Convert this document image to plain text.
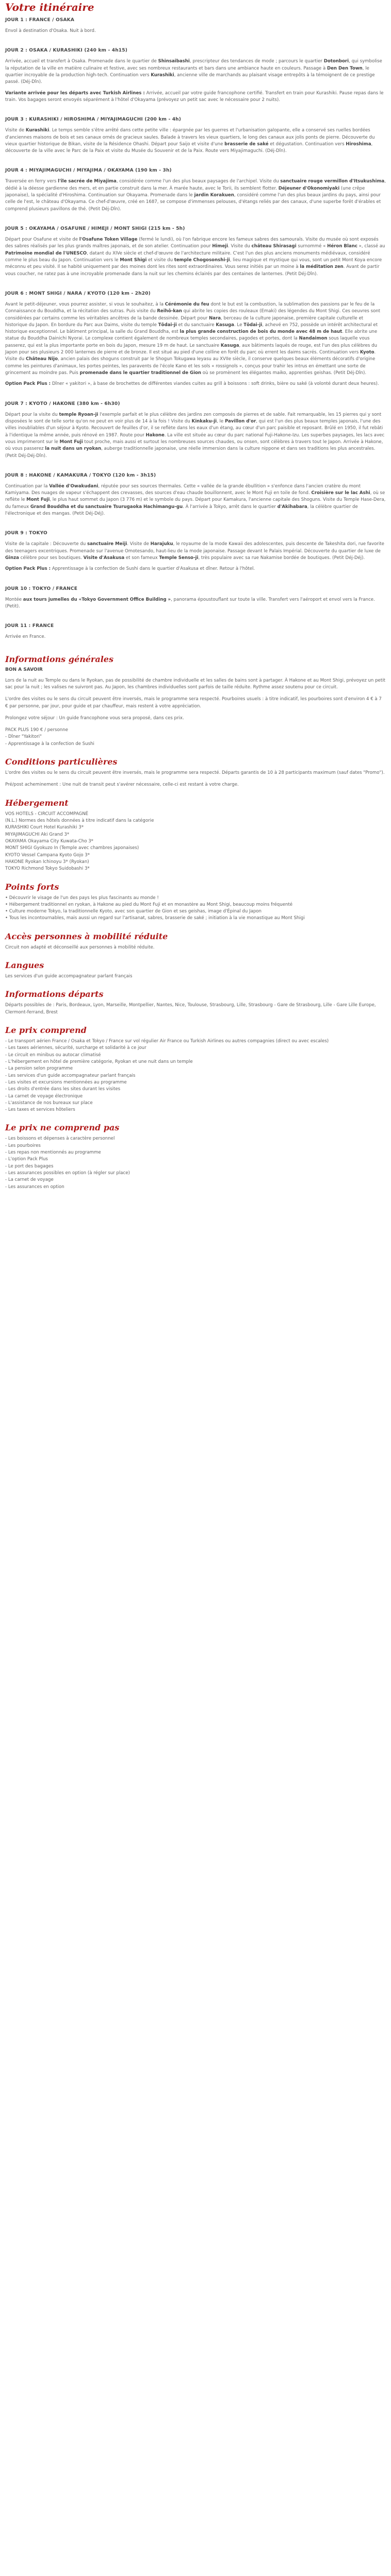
Votre itinéraire
JOUR 1 : FRANCE / OSAKA

Envol à destination d'Osaka. Nuit à bord.

JOUR 2 : OSAKA / KURASHIKI (240 km - 4h15)

Arrivée, accueil et transfert à Osaka. Promenade dans le quartier de Shinsaibashi, prescripteur des tendances de mode ; parcours le quartier Dotonbori, qui symbolise la réputation de la ville en matière culinaire et festive, avec ses nombreux restaurants et bars dans une ambiance haute en couleurs. Passage à Den Den Town, le quartier incroyable de la production high-tech. Continuation vers Kurashiki, ancienne ville de marchands au plaisant visage entrepôts à la témoignent de ce prestige passé. (Déj-Dîn).

Variante arrivée pour les départs avec Turkish Airlines : Arrivée, accueil par votre guide francophone certifié. Transfert en train pour Kurashiki. Pause repas dans le train. Vos bagages seront envoyés séparément à l'hôtel d'Okayama (prévoyez un petit sac avec le nécessaire pour 2 nuits).

JOUR 3 : KURASHIKI / HIROSHIMA / MIYAJIMAGUCHI (200 km - 4h)

Visite de Kurashiki. Le temps semble s'être arrêté dans cette petite ville : épargnée par les guerres et l'urbanisation galopante, elle a conservé ses ruelles bordées d'anciennes maisons de bois et ses canaux ornés de gracieux saules. Balade à travers les vieux quartiers, le long des canaux aux jolis ponts de pierre. Découverte du vieux quartier historique de Bikan, visite de la Résidence Ohashi. Départ pour Saijo et visite d'une brasserie de saké et dégustation. Continuation vers Hiroshima, découverte de la ville avec le Parc de la Paix et visite du Musée du Souvenir et de la Paix. Route vers Miyajimaguchi. (Déj-Dîn).

JOUR 4 : MIYAJIMAGUCHI / MIYAJIMA / OKAYAMA (190 km - 3h)

Traversée en ferry vers l'île sacrée de Miyajima, considérée comme l'un des plus beaux paysages de l'archipel. Visite du sanctuaire rouge vermillon d'Itsukushima, dédié à la déesse gardienne des mers, et en partie construit dans la mer. À marée haute, avec le Torii, ils semblent flotter. Déjeuner d'Okonomiyaki (une crêpe japonaise), la spécialité d'Hiroshima. Continuation sur Okayama. Promenade dans le jardin Korakuen, considéré comme l'un des plus beaux jardins du pays, ainsi pour celle de l'est, le château d'Okayama. Ce chef-d'œuvre, créé en 1687, se compose d'immenses pelouses, d'étangs reliés par des canaux, d'une superbe forêt d'érables et comprend plusieurs pavillons de thé. (Petit Déj-Dîn).

JOUR 5 : OKAYAMA / OSAFUNE / HIMEJI / MONT SHIGI (215 km - 5h)

Départ pour Osafune et visite de l'Osafune Token Village (fermé le lundi), où l'on fabrique encore les fameux sabres des samouraïs. Visite du musée où sont exposés des sabres réalisés par les plus grands maîtres japonais, et de son atelier. Continuation pour Himeji. Visite du château Shirasagi surnommé « Héron Blanc », classé au Patrimoine mondial de l'UNESCO, datant du XIVe siècle et chef-d'œuvre de l'architecture militaire. C'est l'un des plus anciens monuments médiévaux, considéré comme le plus beau du Japon. Continuation vers le Mont Shigi et visite du temple Chogosonshi-ji, lieu magique et mystique qui vous, sont un petit Mont Koya encore méconnu et peu visité. Il se habité uniquement par des moines dont les rites sont extraordinaires. Vous serez initiés par un moine à la méditation zen. Avant de partir vous coucher, ne ratez pas à une incroyable promenade dans la nuit sur les chemins éclairés par des centaines de lanternes. (Petit Déj-Dîn).

JOUR 6 : MONT SHIGI / NARA / KYOTO (120 km - 2h20)

Avant le petit-déjeuner, vous pourrez assister, si vous le souhaitez, à la Cérémonie du feu dont le but est la combustion, la sublimation des passions par le feu de la Connaissance du Bouddha, et la récitation des sutras. Puis visite du Reihō-kan qui abrite les copies des rouleaux (Emaki) des légendes du Mont Shigi. Ces oeuvres sont considérées par certains comme les véritables ancêtres de la bande dessinée. Départ pour Nara, berceau de la culture japonaise, première capitale culturelle et historique du Japon. En bordure du Parc aux Daims, visite du temple Tōdai-ji et du sanctuaire Kasuga. Le Tōdai-ji, achevé en 752, possède un intérêt architectural et historique exceptionnel. Le bâtiment principal, la salle du Grand Bouddha, est la plus grande construction de bois du monde avec 48 m de haut. Elle abrite une statue du Bouddha Dainichi Nyorai. Le complexe contient également de nombreux temples secondaires, pagodes et portes, dont la Nandaimon sous laquelle vous passerez, qui est la plus importante porte en bois du Japon, mesure 19 m de haut. Le sanctuaire Kasuga, aux bâtiments laqués de rouge, est l'un des plus célèbres du Japon pour ses plusieurs 2 000 lanternes de pierre et de bronze. Il est situé au pied d'une colline en forêt du parc où errent les daims sacrés. Continuation vers Kyoto. Visite du Château Nijo, ancien palais des shoguns construit par le Shogun Tokugawa Ieyasu au XVIIe siècle, il conserve quelques beaux éléments décoratifs d'origine comme les peintures d'animaux, les portes peintes, les paravents de l'école Kano et les sols « rossignols », conçus pour trahir les intrus en émettant une sorte de grincement au moindre pas. Puis promenade dans le quartier traditionnel de Gion où se promènent les élégantes maiko, apprenties geishas. (Petit Déj-Dîn).

Option Pack Plus : Dîner « yakitori », à base de brochettes de différentes viandes cuites au grill à boissons : soft drinks, bière ou saké (à volonté durant deux heures).

JOUR 7 : KYOTO / HAKONE (380 km - 6h30)

Départ pour la visite du temple Ryoan-ji l'exemple parfait et le plus célèbre des jardins zen composés de pierres et de sable. Fait remarquable, les 15 pierres qui y sont disposées le sont de telle sorte qu'on ne peut en voir plus de 14 à la fois ! Visite du Kinkaku-ji, le Pavillon d'or, qui est l'un des plus beaux temples japonais, l'une des villes inoubliables d'un séjour à Kyoto. Recouvert de feuilles d'or, il se reflète dans les eaux d'un étang, au cœur d'un parc paisible et reposant. Brûlé en 1950, il fut rebâti à l'identique la même année, puis rénové en 1987. Route pour Hakone. La ville est située au cœur du parc national Fuji-Hakone-Izu. Les superbes paysages, les lacs avec vous imprimeront sur le Mont Fuji tout proche, mais aussi et surtout les nombreuses sources chaudes, ou onsen, sont célèbres à travers tout le Japon. Arrivée à Hakone, où vous passerez la nuit dans un ryokan, auberge traditionnelle japonaise, une réelle immersion dans la culture nippone et dans ses traditions les plus ancestrales. (Petit Déj-Déj-Dîn).

JOUR 8 : HAKONE / KAMAKURA / TOKYO (120 km - 3h15)

Continuation par la Vallée d'Owakudani, réputée pour ses sources thermales. Cette « vallée de la grande ébullition » s'enfonce dans l'ancien cratère du mont Kamiyama. Des nuages de vapeur s'échappent des crevasses, des sources d'eau chaude bouillonnent, avec le Mont Fuji en toile de fond. Croisière sur le lac Ashi, où se reflète le Mont Fuji, le plus haut sommet du Japon (3 776 m) et le symbole du pays. Départ pour Kamakura, l'ancienne capitale des Shoguns. Visite du Temple Hase-Dera, du fameux Grand Bouddha et du sanctuaire Tsurugaoka Hachimangu-gu. À l'arrivée à Tokyo, arrêt dans le quartier d'Akihabara, la célèbre quartier de l'électronique et des mangas. (Petit Déj-Déj).

JOUR 9 : TOKYO

Visite de la capitale : Découverte du sanctuaire Meiji. Visite de Harajuku, le royaume de la mode Kawaii des adolescentes, puis descente de Takeshita dori, rue favorite des teenagers excentriques. Promenade sur l'avenue Omotesando, haut-lieu de la mode japonaise. Passage devant le Palais Impérial. Découverte du quartier de luxe de Ginza célèbre pour ses boutiques. Visite d'Asakusa et son fameux Temple Senso-ji, très populaire avec sa rue Nakamise bordée de boutiques. (Petit Déj-Déj).

Option Pack Plus : Apprentissage à la confection de Sushi dans le quartier d'Asakusa et dîner. Retour à l'hôtel.

JOUR 10 : TOKYO / FRANCE

Montée aux tours jumelles du «Tokyo Government Office Building », panorama époustouflant sur toute la ville. Transfert vers l'aéroport et envol vers la France. (Petit).

JOUR 11 : FRANCE

Arrivée en France.

Informations générales
BON A SAVOIR

Lors de la nuit au Temple ou dans le Ryokan, pas de possibilité de chambre individuelle et les salles de bains sont à partager. À Hakone et au Mont Shigi, prévoyez un petit sac pour la nuit ; les valises ne suivront pas. Au Japon, les chambres individuelles sont parfois de taille réduite. Rythme assez soutenu pour ce circuit.

L'ordre des visites ou le sens du circuit peuvent être inversés, mais le programme sera respecté. Pourboires usuels : à titre indicatif, les pourboires sont d'environ 4 € à 7 € par personne, par jour, pour guide et par chauffeur, mais restent à votre appréciation.

Prolongez votre séjour : Un guide francophone vous sera proposé, dans ces prix.

PACK PLUS 190 € / personne
- Dîner "Yakitori"
- Apprentissage à la confection de Sushi
Conditions particulières

L'ordre des visites ou le sens du circuit peuvent être inversés, mais le programme sera respecté. Départs garantis de 10 à 28 participants maximum (sauf dates "Promo").

Pré/post acheminement : Une nuit de transit peut s'avérer nécessaire, celle-ci est restant à votre charge.

Hébergement
VOS HOTELS - CIRCUIT ACCOMPAGNÉ
(N.L.) Normes des hôtels données à titre indicatif dans la catégorie
KURASHIKI Court Hotel Kurashiki 3*
MIYAJIMAGUCHI Aki Grand 3*
OKAYAMA Okayama City Kuwata-Cho 3*
MONT SHIGI Gyokuzo In (Temple avec chambres japonaises)
KYOTO Vessel Campana Kyoto Gojo 3*
HAKONE Ryokan Ichinoyu 3* (Ryokan)
TOKYO Richmond Tokyo Suidobashi 3*
Points forts
• Découvrir le visage de l'un des pays les plus fascinants au monde !
• Hébergement traditionnel en ryokan, à Hakone au pied du Mont Fuji et en monastère au Mont Shigi, beaucoup moins fréquenté
• Culture moderne Tokyo, la traditionnelle Kyoto, avec son quartier de Gion et ses geishas, image d'Épinal du Japon
• Tous les incontournables, mais aussi un regard sur l'artisanat, sabres, brasserie de saké ; initiation à la vie monastique au Mont Shigi
Accès personnes à mobilité réduite

Circuit non adapté et déconseillé aux personnes à mobilité réduite.

Langues

Les services d'un guide accompagnateur parlant français

Informations départs

Départs possibles de : Paris, Bordeaux, Lyon, Marseille, Montpellier, Nantes, Nice, Toulouse, Strasbourg, Lille, Strasbourg - Gare de Strasbourg, Lille - Gare Lille Europe, Clermont-ferrand, Brest

Le prix comprend
- Le transport aérien France / Osaka et Tokyo / France sur vol régulier Air France ou Turkish Airlines ou autres compagnies (direct ou avec escales)
- Les taxes aériennes, sécurité, surcharge et solidarité à ce jour
- Le circuit en minibus ou autocar climatisé
- L'hébergement en hôtel de première catégorie, Ryokan et une nuit dans un temple
- La pension selon programme
- Les services d'un guide accompagnateur parlant français
- Les visites et excursions mentionnées au programme
- Les droits d'entrée dans les sites durant les visites
- La carnet de voyage électronique
- L'assistance de nos bureaux sur place
- Les taxes et services hôteliers
Le prix ne comprend pas
- Les boissons et dépenses à caractère personnel
- Les pourboires
- Les repas non mentionnés au programme
- L'option Pack Plus
- Le port des bagages
- Les assurances possibles en option (à régler sur place)
- La carnet de voyage
- Les assurances en option
